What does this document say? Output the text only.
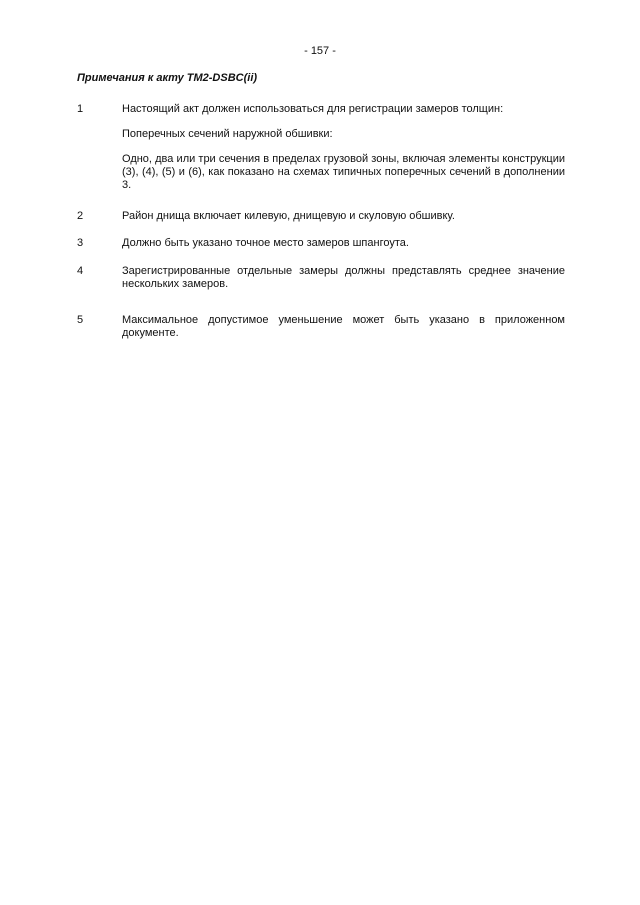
- 157 -
Примечания к акту TM2-DSBC(ii)
1	Настоящий акт должен использоваться для регистрации замеров толщин:

Поперечных сечений наружной обшивки:

Одно, два или три сечения в пределах грузовой зоны, включая элементы конструкции (3), (4), (5) и (6), как показано на схемах типичных поперечных сечений в дополнении 3.

2	Район днища включает килевую, днищевую и скуловую обшивку.

3	Должно быть указано точное место замеров шпангоута.

4	Зарегистрированные отдельные замеры должны представлять среднее значение нескольких замеров.

5	Максимальное допустимое уменьшение может быть указано в приложенном документе.
